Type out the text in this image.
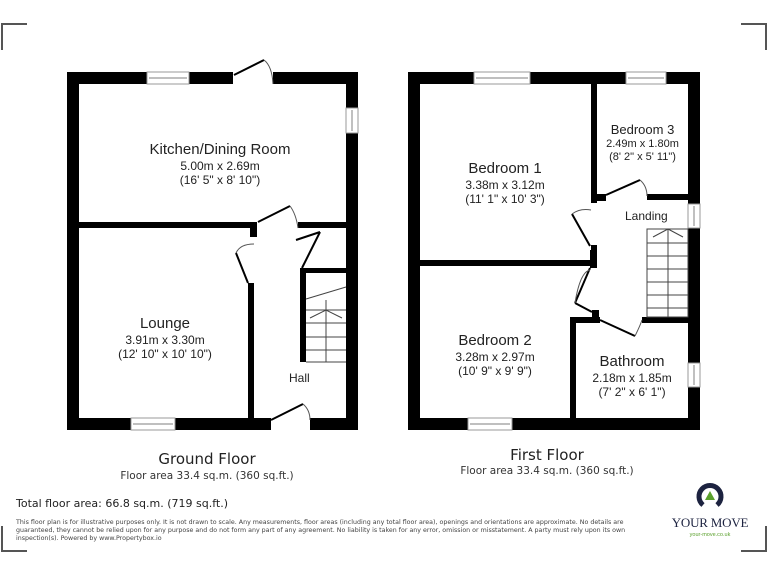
Kitchen/Dining Room
5.00m x 2.69m
(16' 5" x 8' 10")
Lounge
3.91m x 3.30m
(12' 10" x 10' 10")
Hall
Bedroom 1
3.38m x 3.12m
(11' 1" x 10' 3")
Bedroom 3
2.49m x 1.80m
(8' 2" x 5' 11")
Landing
Bedroom 2
3.28m x 2.97m
(10' 9" x 9' 9")
Bathroom
2.18m x 1.85m
(7' 2" x 6' 1")
Ground Floor
Floor area 33.4 sq.m. (360 sq.ft.)
First Floor
Floor area 33.4 sq.m. (360 sq.ft.)
Total floor area: 66.8 sq.m. (719 sq.ft.)
This floor plan is for illustrative purposes only. It is not drawn to scale. Any measurements, floor areas (including any total floor area), openings and orientations are approximate. No details are guaranteed, they cannot be relied upon for any purpose and do not form any part of any agreement. No liability is taken for any error, omission or misstatement. A party must rely upon its own inspection(s). Powered by www.Propertybox.io
YOUR MOVE
your-move.co.uk
